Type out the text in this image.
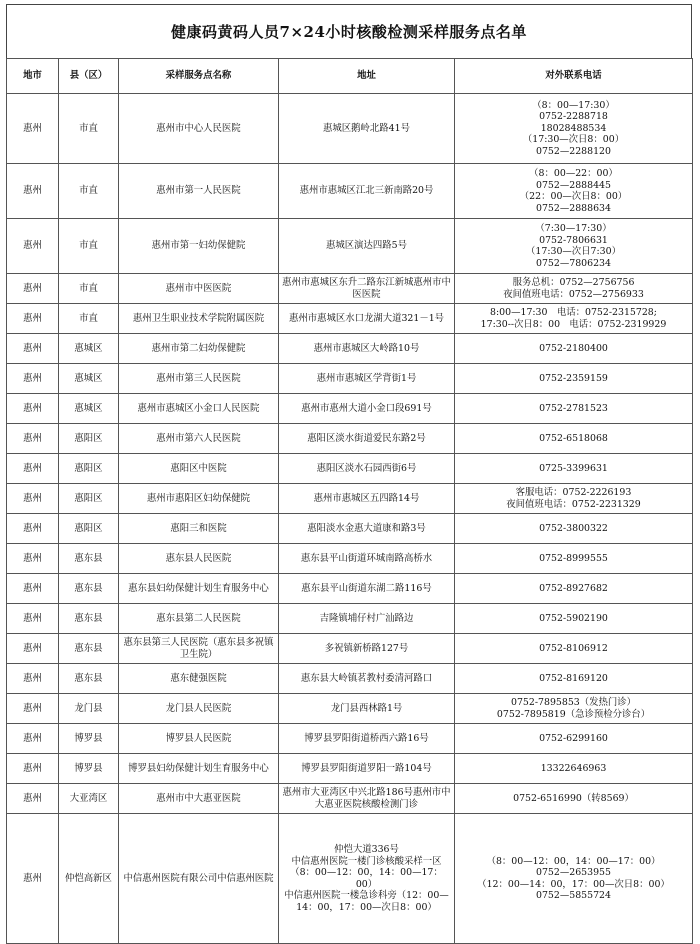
健康码黄码人员7×24小时核酸检测采样服务点名单
地市	县（区）	采样服务点名称	地址	对外联系电话
惠州	市直	惠州市中心人民医院	惠城区鹅岭北路41号	（8：00—17:30）
0752-2288718
18028488534
（17:30—次日8：00）
0752—2288120
惠州	市直	惠州市第一人民医院	惠州市惠城区江北三新南路20号	（8：00—22：00）
0752—2888445
（22：00—次日8：00）
0752—2888634
惠州	市直	惠州市第一妇幼保健院	惠城区演达四路5号	（7:30—17:30）
0752-7806631
（17:30—次日7:30）
0752—7806234
惠州	市直	惠州市中医医院	惠州市惠城区东升二路东江新城惠州市中医医院	服务总机：0752—2756756
夜间值班电话：0752—2756933
惠州	市直	惠州卫生职业技术学院附属医院	惠州市惠城区水口龙湖大道321－1号	8:00—17:30　电话：0752-2315728;
17:30--次日8：00　电话：0752-2319929
惠州	惠城区	惠州市第二妇幼保健院	惠州市惠城区大岭路10号	0752-2180400
惠州	惠城区	惠州市第三人民医院	惠州市惠城区学背街1号	0752-2359159
惠州	惠城区	惠州市惠城区小金口人民医院	惠州市惠州大道小金口段691号	0752-2781523
惠州	惠阳区	惠州市第六人民医院	惠阳区淡水街道爱民东路2号	0752-6518068
惠州	惠阳区	惠阳区中医院	惠阳区淡水石园西街6号	0725-3399631
惠州	惠阳区	惠州市惠阳区妇幼保健院	惠州市惠城区五四路14号	客服电话：0752-2226193
夜间值班电话：0752-2231329
惠州	惠阳区	惠阳三和医院	惠阳淡水金惠大道康和路3号	0752-3800322
惠州	惠东县	惠东县人民医院	惠东县平山街道环城南路高桥水	0752-8999555
惠州	惠东县	惠东县妇幼保健计划生育服务中心	惠东县平山街道东湖二路116号	0752-8927682
惠州	惠东县	惠东县第二人民医院	吉隆镇埔仔村广汕路边	0752-5902190
惠州	惠东县	惠东县第三人民医院（惠东县多祝镇卫生院）	多祝镇新桥路127号	0752-8106912
惠州	惠东县	惠东健强医院	惠东县大岭镇茗教村委清河路口	0752-8169120
惠州	龙门县	龙门县人民医院	龙门县西林路1号	0752-7895853（发热门诊）
0752-7895819（急诊预检分诊台）
惠州	博罗县	博罗县人民医院	博罗县罗阳街道桥西六路16号	0752-6299160
惠州	博罗县	博罗县妇幼保健计划生育服务中心	博罗县罗阳街道罗阳一路104号	13322646963
惠州	大亚湾区	惠州市中大惠亚医院	惠州市大亚湾区中兴北路186号惠州市中大惠亚医院核酸检测门诊	0752-6516990（转8569）
惠州	仲恺高新区	中信惠州医院有限公司中信惠州医院	仲恺大道336号
中信惠州医院一楼门诊核酸采样一区（8：00—12：00，14：00—17：00）
中信惠州医院一楼急诊科旁（12：00—14：00，17：00—次日8：00）	（8：00—12：00，14：00—17：00）
0752—2653955
（12：00—14：00，17：00—次日8：00）
0752—5855724
